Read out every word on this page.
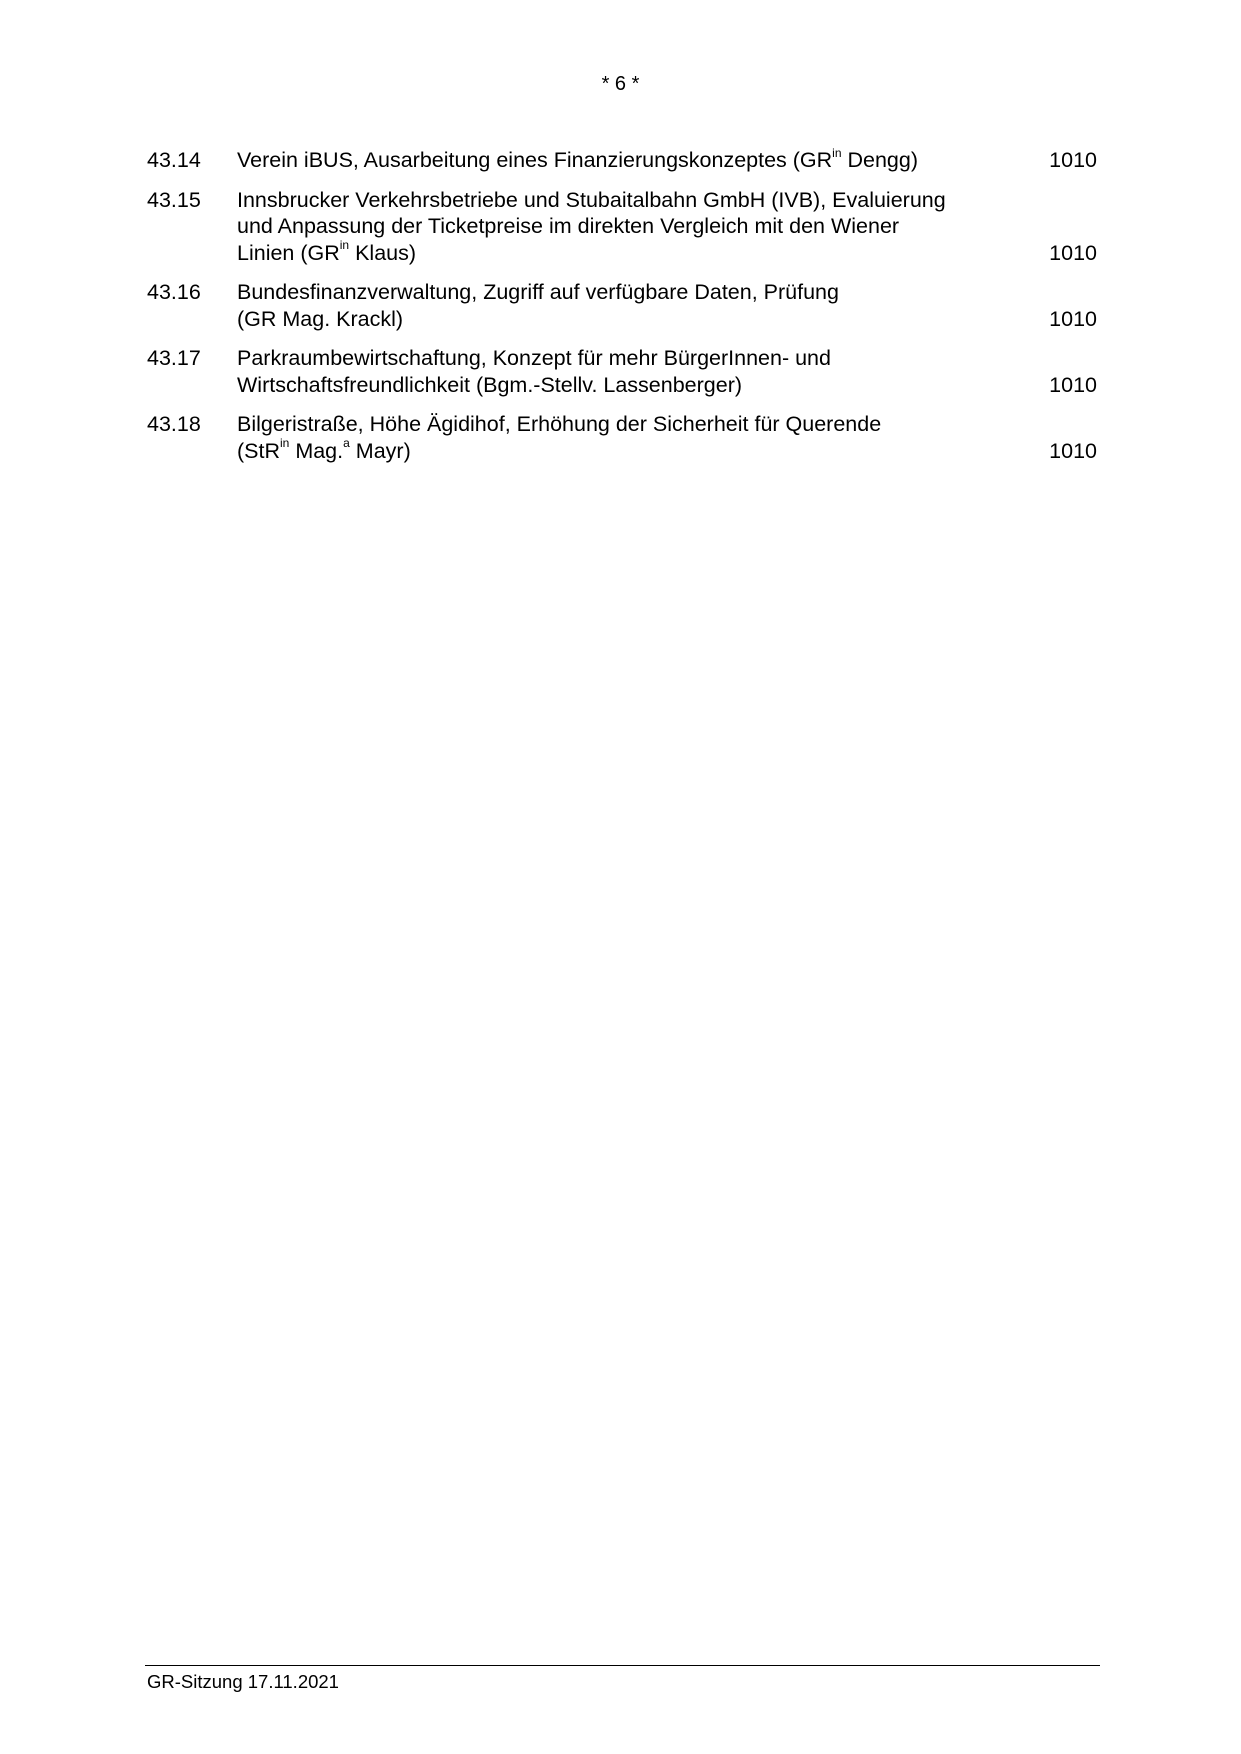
* 6 *
43.14	Verein iBUS, Ausarbeitung eines Finanzierungskonzeptes ($GR^{in}$ Dengg)	1010
43.15	Innsbrucker Verkehrsbetriebe und Stubaitalbahn GmbH (IVB), Evaluierung
und Anpassung der Ticketpreise im direkten Vergleich mit den Wiener
Linien ($GR^{in}$ Klaus)	1010
43.16	Bundesfinanzverwaltung, Zugriff auf verfügbare Daten, Prüfung
(GR Mag. Krackl)	1010
43.17	Parkraumbewirtschaftung, Konzept für mehr BürgerInnen- und
Wirtschaftsfreundlichkeit (Bgm.-Stellv. Lassenberger)	1010
43.18	Bilgeristraße, Höhe Ägidihof, Erhöhung der Sicherheit für Querende
(StR$^{in}$ Mag.$^a$ Mayr)	1010
GR-Sitzung 17.11.2021
